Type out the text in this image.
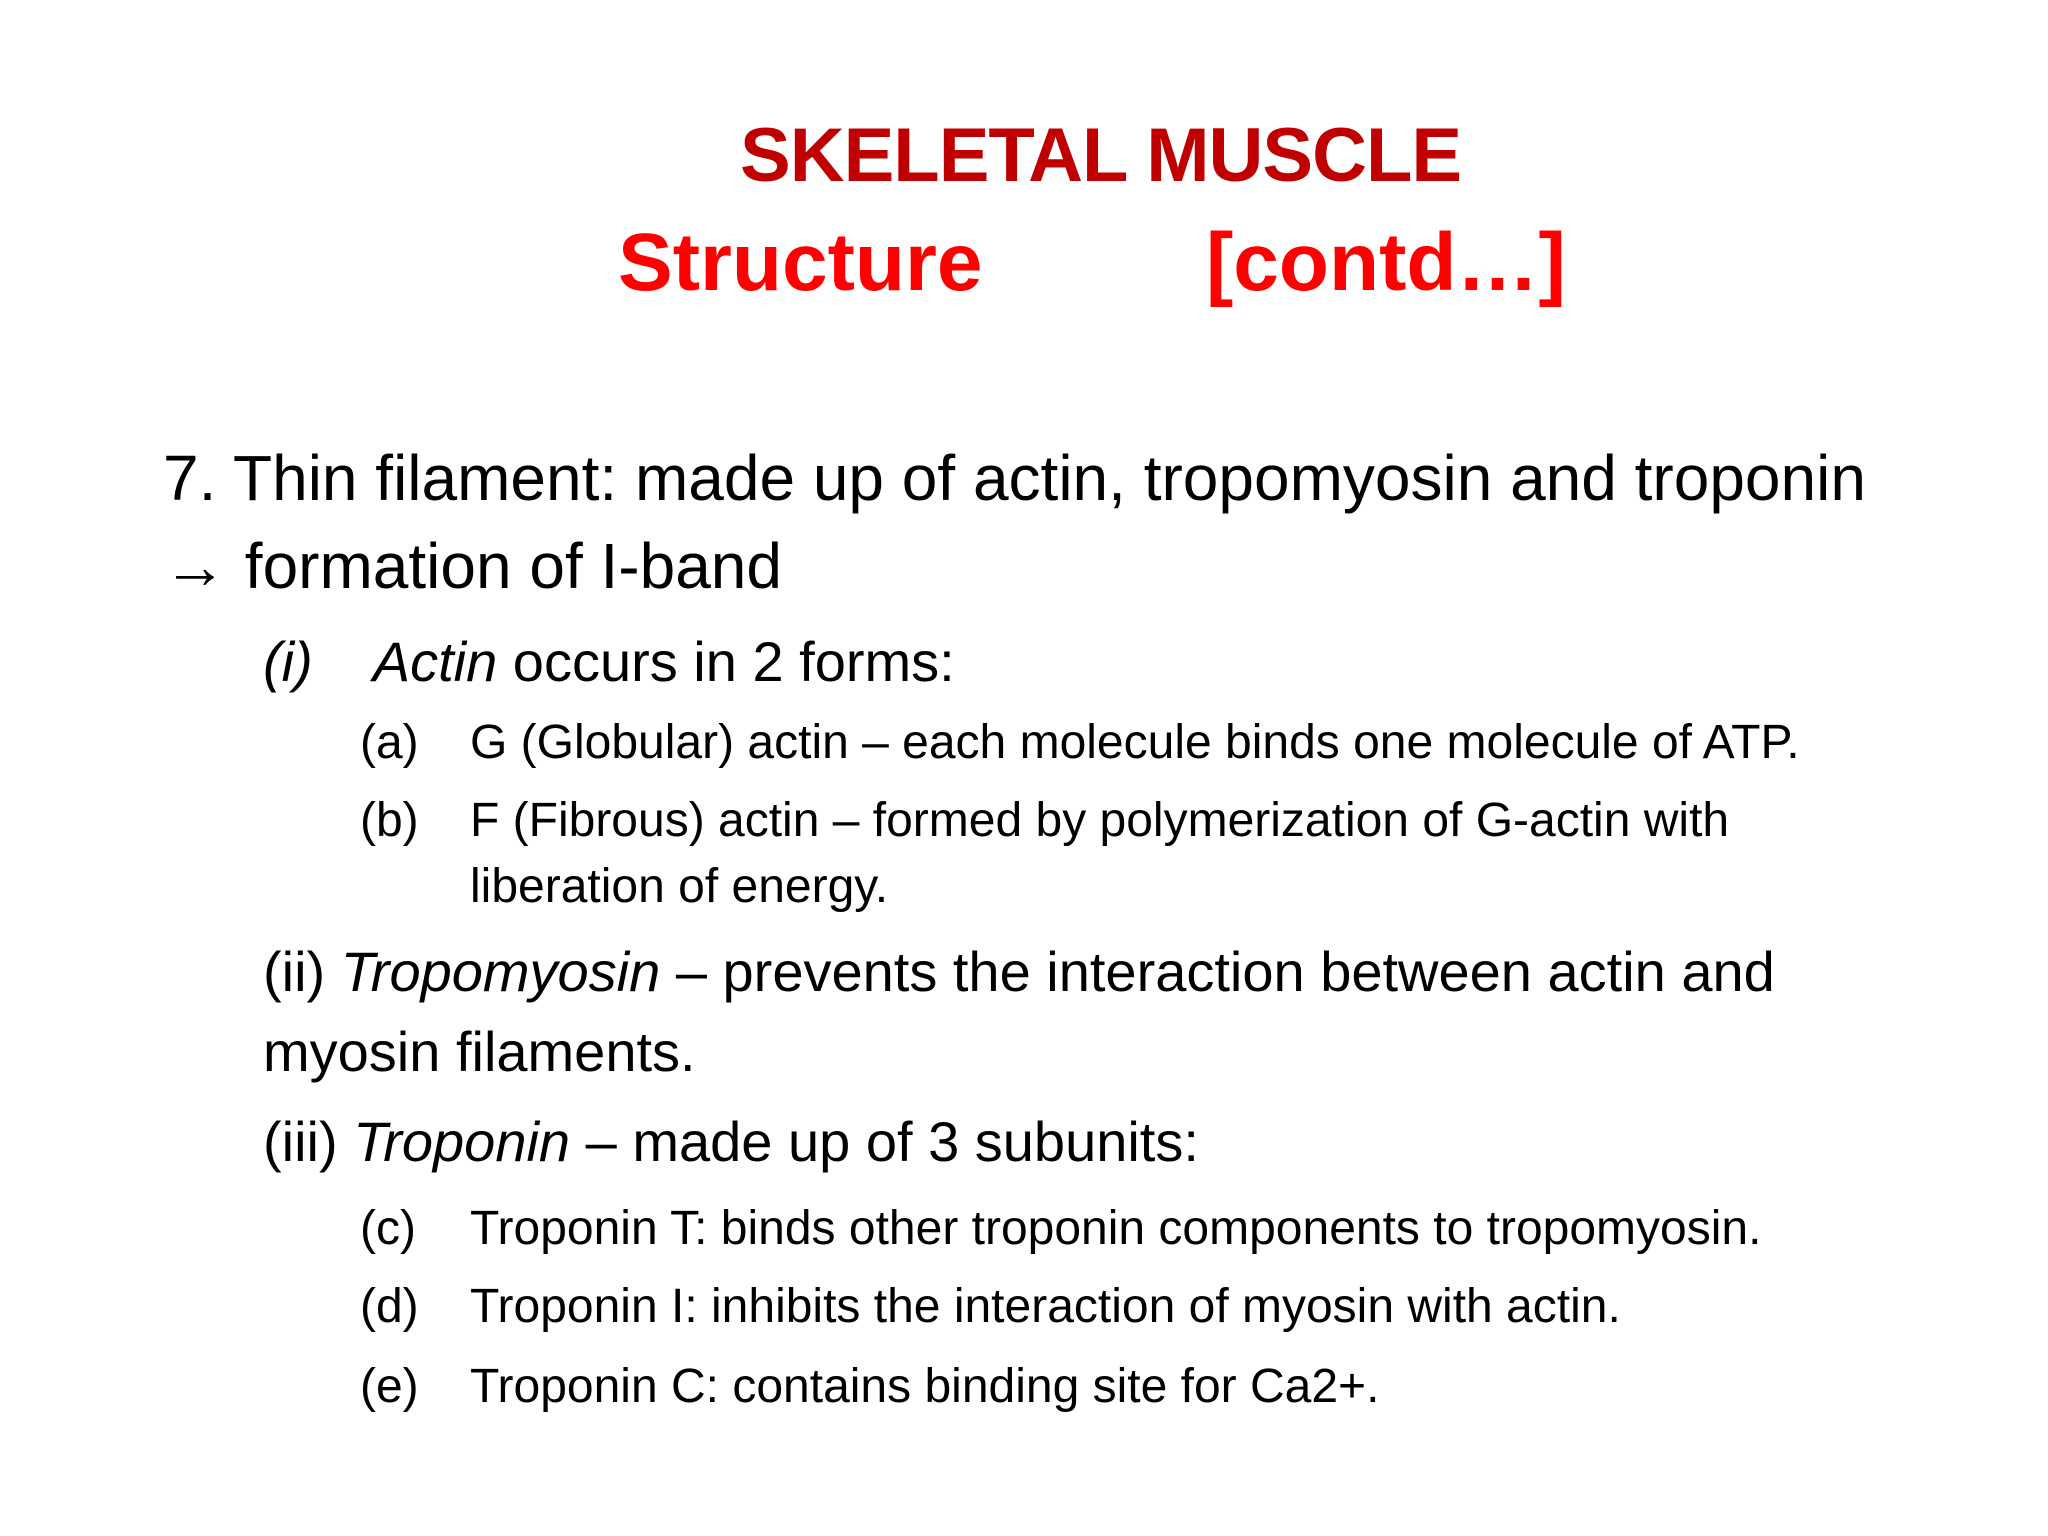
SKELETAL MUSCLE
Structure	[contd…]
7. Thin filament: made up of actin, tropomyosin and troponin → formation of I-band
(i) Actin occurs in 2 forms:
(a) G (Globular) actin – each molecule binds one molecule of ATP.
(b) F (Fibrous) actin – formed by polymerization of G-actin with liberation of energy.
(ii) Tropomyosin – prevents the interaction between actin and myosin filaments.
(iii) Troponin – made up of 3 subunits:
(c) Troponin T: binds other troponin components to tropomyosin.
(d) Troponin I: inhibits the interaction of myosin with actin.
(e) Troponin C: contains binding site for Ca2+.
